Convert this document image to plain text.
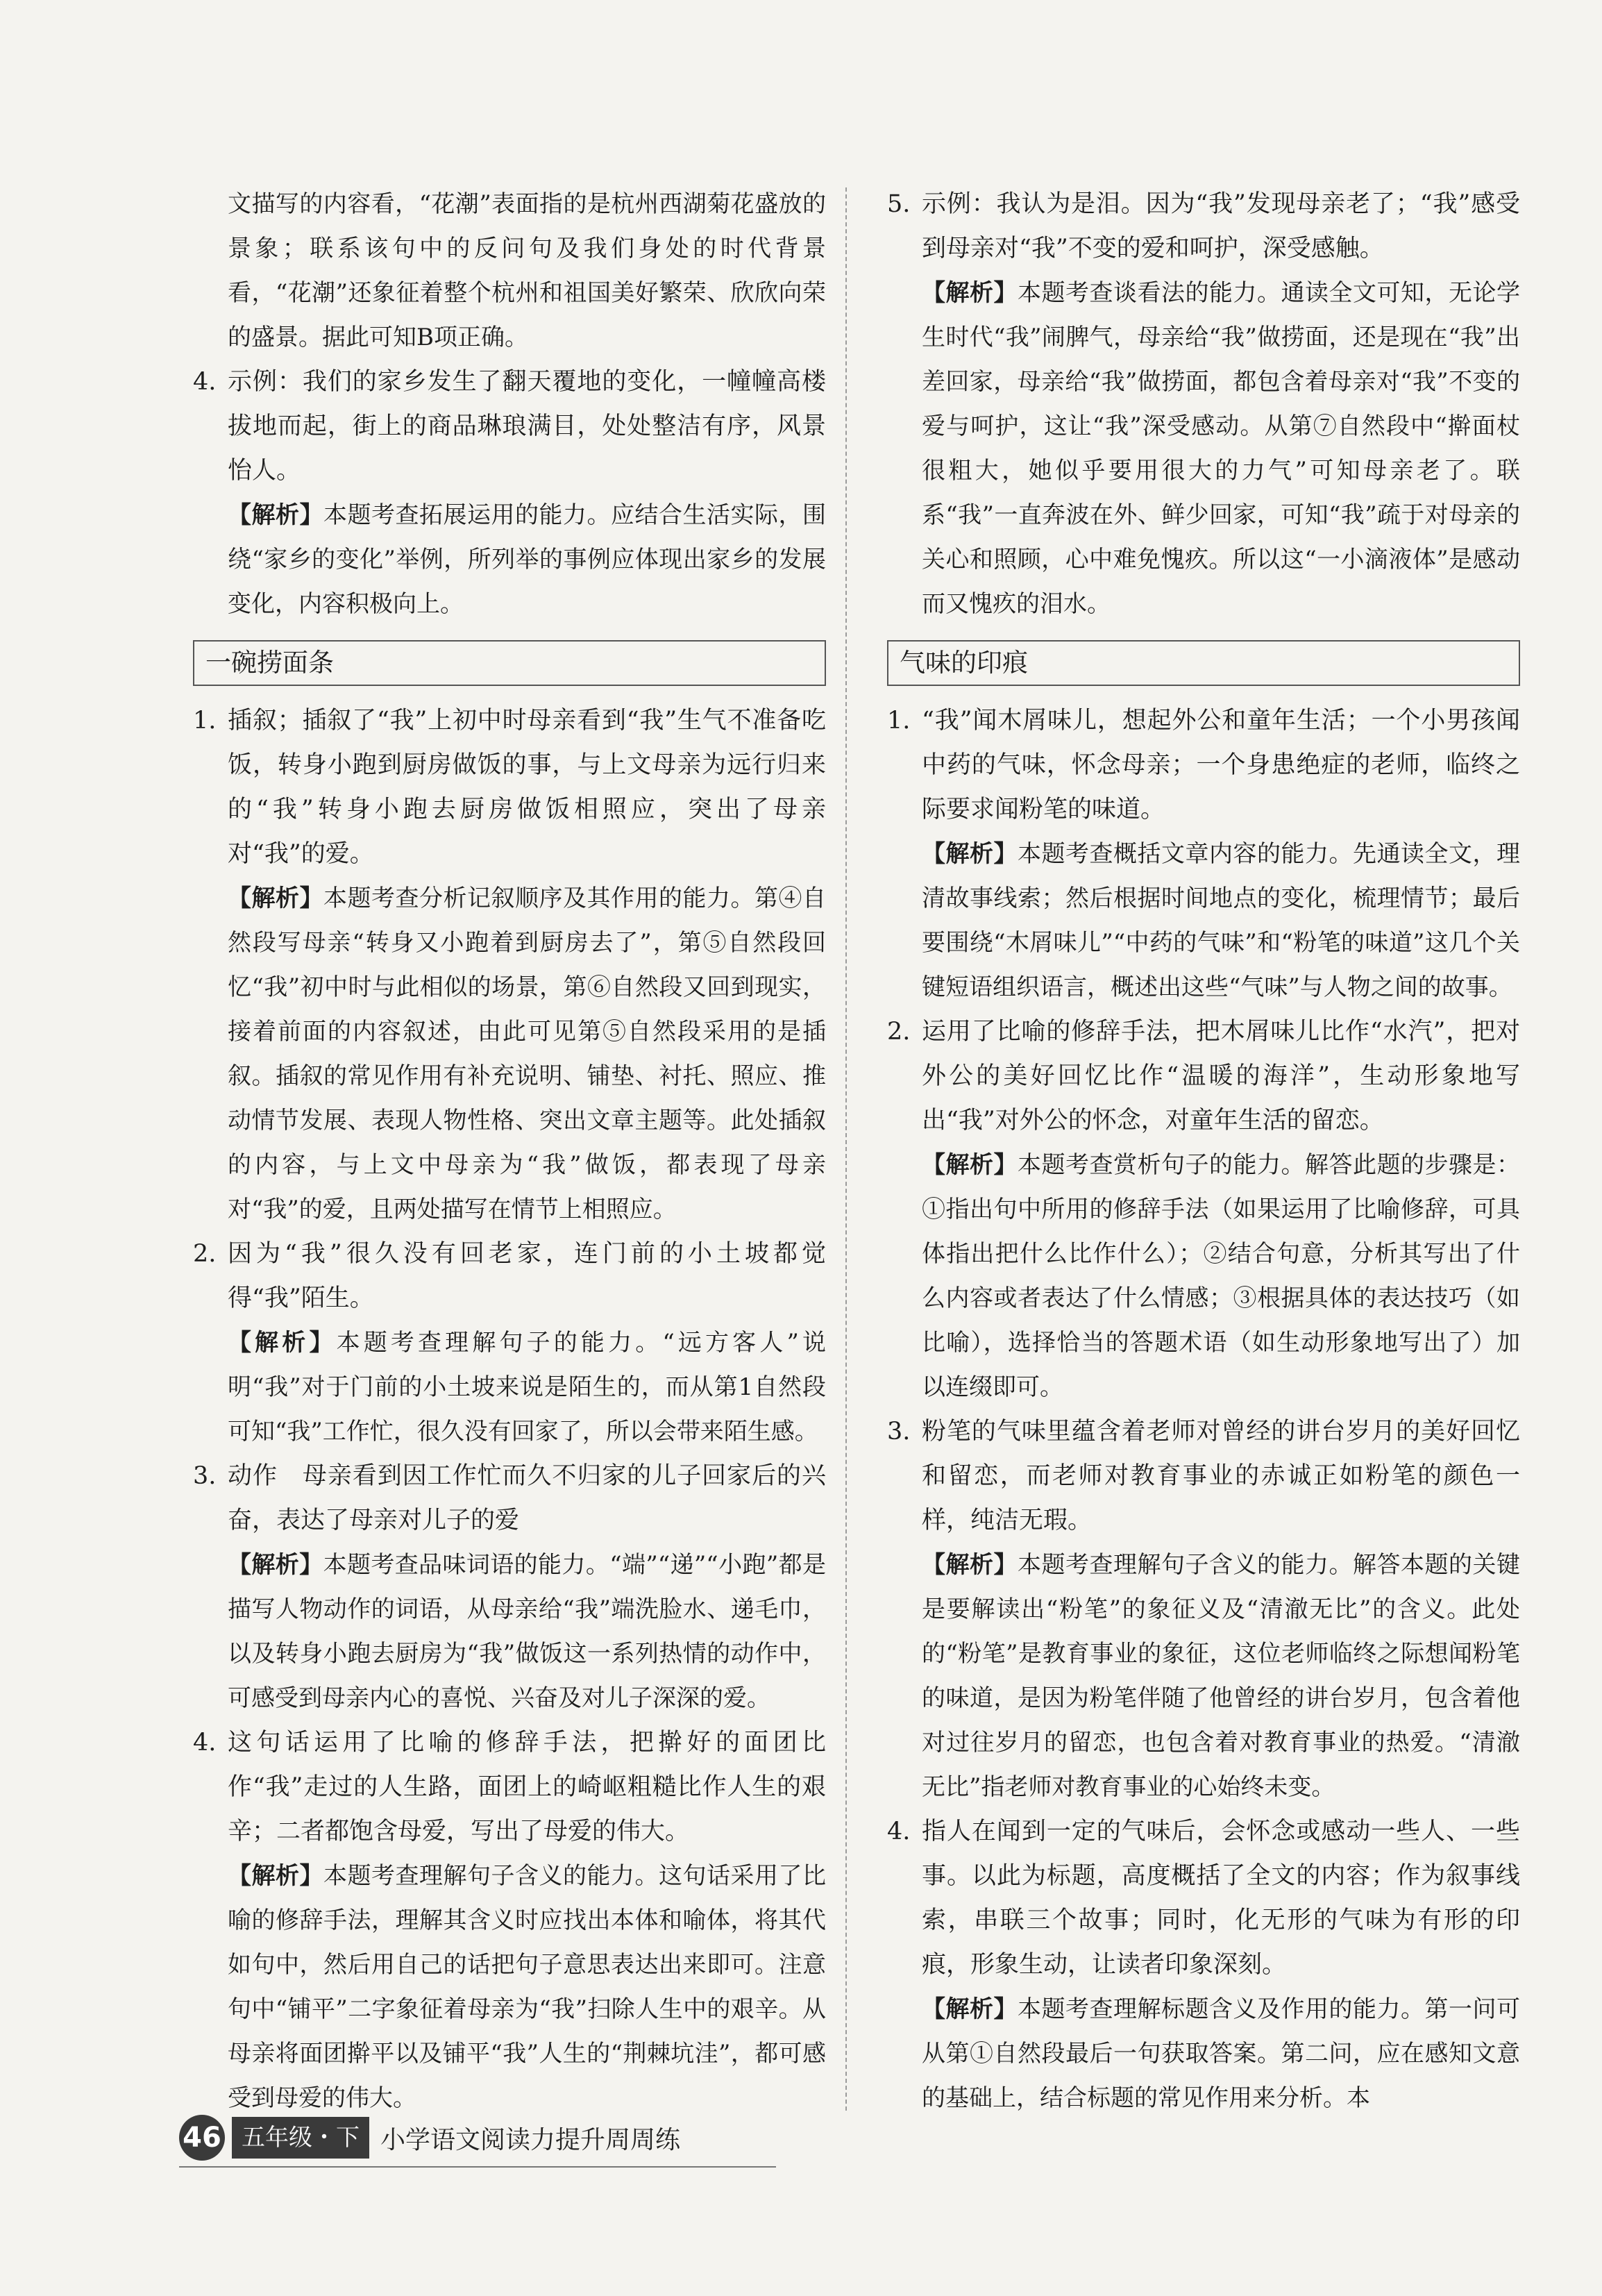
文描写的内容看，“花潮”表面指的是杭州西湖菊花盛放的景象；联系该句中的反问句及我们身处的时代背景看，“花潮”还象征着整个杭州和祖国美好繁荣、欣欣向荣的盛景。据此可知B项正确。

4. 示例：我们的家乡发生了翻天覆地的变化，一幢幢高楼拔地而起，街上的商品琳琅满目，处处整洁有序，风景怡人。

【解析】本题考查拓展运用的能力。应结合生活实际，围绕“家乡的变化”举例，所列举的事例应体现出家乡的发展变化，内容积极向上。

一碗捞面条
1. 插叙；插叙了“我”上初中时母亲看到“我”生气不准备吃饭，转身小跑到厨房做饭的事，与上文母亲为远行归来的“我”转身小跑去厨房做饭相照应，突出了母亲对“我”的爱。

【解析】本题考查分析记叙顺序及其作用的能力。第④自然段写母亲“转身又小跑着到厨房去了”，第⑤自然段回忆“我”初中时与此相似的场景，第⑥自然段又回到现实，接着前面的内容叙述，由此可见第⑤自然段采用的是插叙。插叙的常见作用有补充说明、铺垫、衬托、照应、推动情节发展、表现人物性格、突出文章主题等。此处插叙的内容，与上文中母亲为“我”做饭，都表现了母亲对“我”的爱，且两处描写在情节上相照应。

2. 因为“我”很久没有回老家，连门前的小土坡都觉得“我”陌生。

【解析】本题考查理解句子的能力。“远方客人”说明“我”对于门前的小土坡来说是陌生的，而从第1自然段可知“我”工作忙，很久没有回家了，所以会带来陌生感。

3. 动作　母亲看到因工作忙而久不归家的儿子回家后的兴奋，表达了母亲对儿子的爱

【解析】本题考查品味词语的能力。“端”“递”“小跑”都是描写人物动作的词语，从母亲给“我”端洗脸水、递毛巾，以及转身小跑去厨房为“我”做饭这一系列热情的动作中，可感受到母亲内心的喜悦、兴奋及对儿子深深的爱。

4. 这句话运用了比喻的修辞手法，把擀好的面团比作“我”走过的人生路，面团上的崎岖粗糙比作人生的艰辛；二者都饱含母爱，写出了母爱的伟大。

【解析】本题考查理解句子含义的能力。这句话采用了比喻的修辞手法，理解其含义时应找出本体和喻体，将其代如句中，然后用自己的话把句子意思表达出来即可。注意句中“铺平”二字象征着母亲为“我”扫除人生中的艰辛。从母亲将面团擀平以及铺平“我”人生的“荆棘坑洼”，都可感受到母爱的伟大。

5. 示例：我认为是泪。因为“我”发现母亲老了；“我”感受到母亲对“我”不变的爱和呵护，深受感触。

【解析】本题考查谈看法的能力。通读全文可知，无论学生时代“我”闹脾气，母亲给“我”做捞面，还是现在“我”出差回家，母亲给“我”做捞面，都包含着母亲对“我”不变的爱与呵护，这让“我”深受感动。从第⑦自然段中“擀面杖很粗大，她似乎要用很大的力气”可知母亲老了。联系“我”一直奔波在外、鲜少回家，可知“我”疏于对母亲的关心和照顾，心中难免愧疚。所以这“一小滴液体”是感动而又愧疚的泪水。

气味的印痕
1. “我”闻木屑味儿，想起外公和童年生活；一个小男孩闻中药的气味，怀念母亲；一个身患绝症的老师，临终之际要求闻粉笔的味道。

【解析】本题考查概括文章内容的能力。先通读全文，理清故事线索；然后根据时间地点的变化，梳理情节；最后要围绕“木屑味儿”“中药的气味”和“粉笔的味道”这几个关键短语组织语言，概述出这些“气味”与人物之间的故事。

2. 运用了比喻的修辞手法，把木屑味儿比作“水汽”，把对外公的美好回忆比作“温暖的海洋”，生动形象地写出“我”对外公的怀念，对童年生活的留恋。

【解析】本题考查赏析句子的能力。解答此题的步骤是：①指出句中所用的修辞手法（如果运用了比喻修辞，可具体指出把什么比作什么）；②结合句意，分析其写出了什么内容或者表达了什么情感；③根据具体的表达技巧（如比喻），选择恰当的答题术语（如生动形象地写出了）加以连缀即可。

3. 粉笔的气味里蕴含着老师对曾经的讲台岁月的美好回忆和留恋，而老师对教育事业的赤诚正如粉笔的颜色一样，纯洁无瑕。

【解析】本题考查理解句子含义的能力。解答本题的关键是要解读出“粉笔”的象征义及“清澈无比”的含义。此处的“粉笔”是教育事业的象征，这位老师临终之际想闻粉笔的味道，是因为粉笔伴随了他曾经的讲台岁月，包含着他对过往岁月的留恋，也包含着对教育事业的热爱。“清澈无比”指老师对教育事业的心始终未变。

4. 指人在闻到一定的气味后，会怀念或感动一些人、一些事。以此为标题，高度概括了全文的内容；作为叙事线索，串联三个故事；同时，化无形的气味为有形的印痕，形象生动，让读者印象深刻。

【解析】本题考查理解标题含义及作用的能力。第一问可从第①自然段最后一句获取答案。第二问，应在感知文意的基础上，结合标题的常见作用来分析。本

46 五年级・下 小学语文阅读力提升周周练
